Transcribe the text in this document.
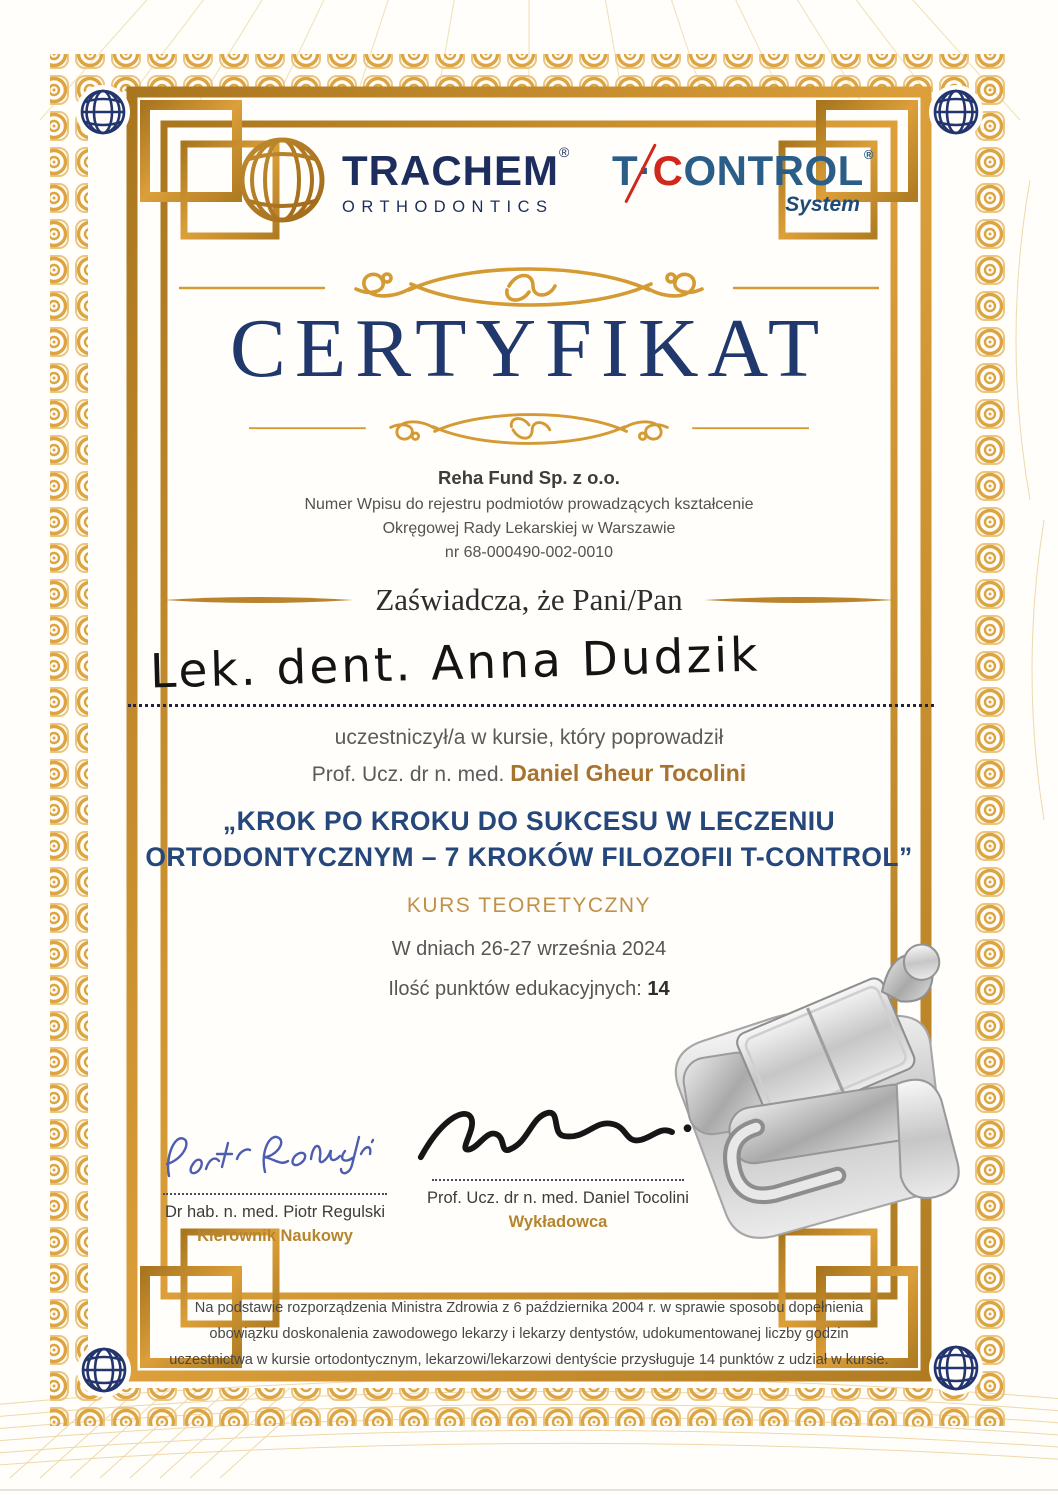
TRACHEM®
ORTHODONTICS
T·CONTROL®
System
CERTYFIKAT
Reha Fund Sp. z o.o.
Numer Wpisu do rejestru podmiotów prowadzących kształcenie
Okręgowej Rady Lekarskiej w Warszawie
nr 68-000490-002-0010
Zaświadcza, że Pani/Pan
Lek. dent. Anna Dudzik
uczestniczył/a w kursie, który poprowadził
Prof. Ucz. dr n. med. Daniel Gheur Tocolini
„KROK PO KROKU DO SUKCESU W LECZENIU
ORTODONTYCZNYM – 7 KROKÓW FILOZOFII T-CONTROL”
KURS TEORETYCZNY
W dniach 26-27 września 2024
Ilość punktów edukacyjnych: 14
Dr hab. n. med. Piotr Regulski
Kierownik Naukowy
Prof. Ucz. dr n. med. Daniel Tocolini
Wykładowca
Na podstawie rozporządzenia Ministra Zdrowia z 6 października 2004 r. w sprawie sposobu dopełnienia
obowiązku doskonalenia zawodowego lekarzy i lekarzy dentystów, udokumentowanej liczby godzin
uczestnictwa w kursie ortodontycznym, lekarzowi/lekarzowi dentyście przysługuje 14 punktów z udział w kursie.
